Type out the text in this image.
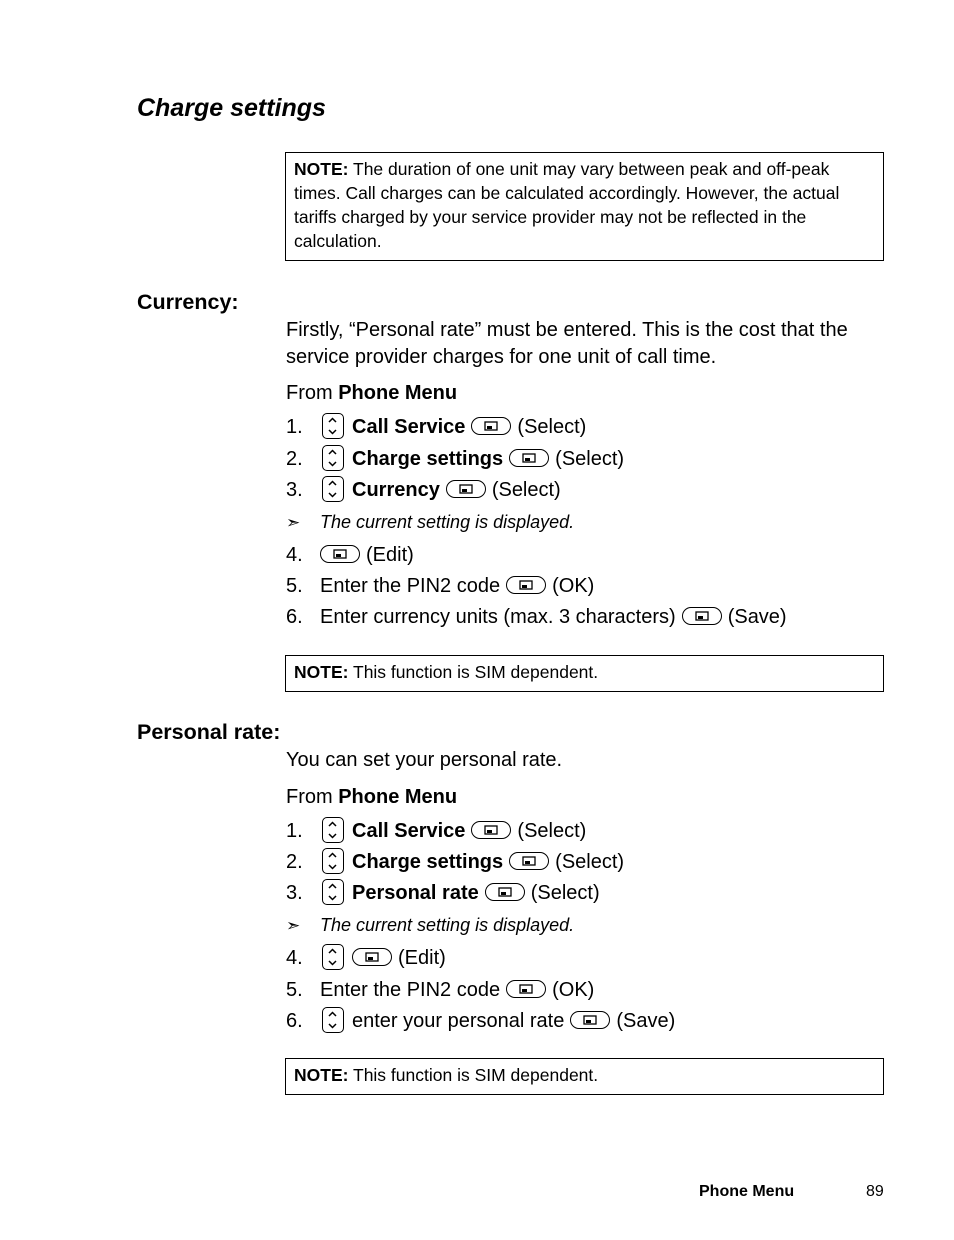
Charge settings
NOTE: The duration of one unit may vary between peak and off-peak times. Call charges can be calculated accordingly. However, the actual tariffs charged by your service provider may not be reflected in the calculation.
Currency:
Firstly, “Personal rate” must be entered. This is the cost that the service provider charges for one unit of call time.
From Phone Menu
1. Call Service	(Select)
2. Charge settings	(Select)
3. Currency	(Select)
➣ The current setting is displayed.
4.	(Edit)
5. Enter the PIN2 code	(OK)
6. Enter currency units (max. 3 characters)	(Save)
NOTE: This function is SIM dependent.
Personal rate:
You can set your personal rate.
From Phone Menu
1. Call Service	(Select)
2. Charge settings	(Select)
3. Personal rate	(Select)
➣ The current setting is displayed.
4.	(Edit)
5. Enter the PIN2 code	(OK)
6. enter your personal rate	(Save)
NOTE: This function is SIM dependent.
Phone Menu	89
